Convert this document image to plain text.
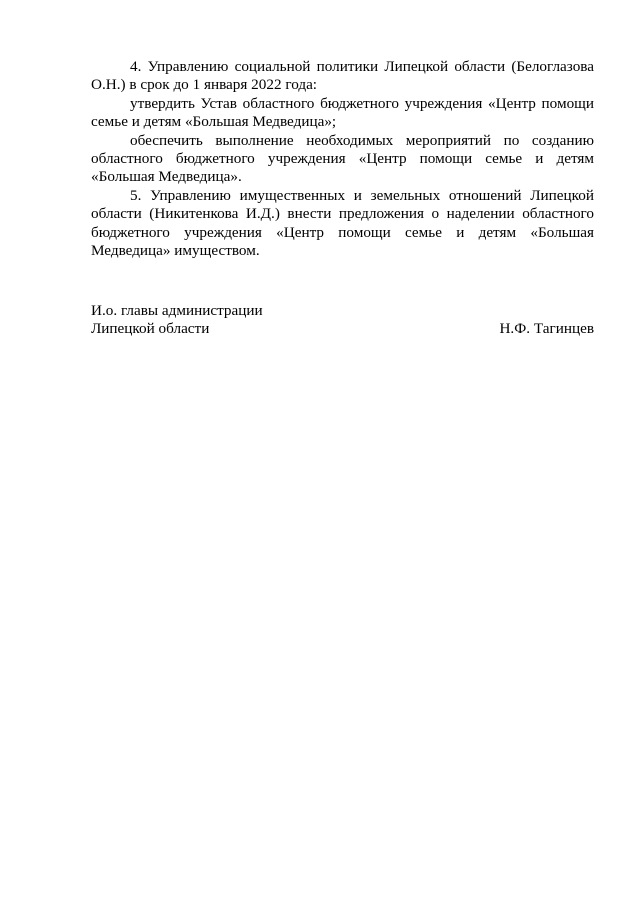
4. Управлению социальной политики Липецкой области (Белоглазова О.Н.) в срок до 1 января 2022 года:

утвердить Устав областного бюджетного учреждения «Центр помощи семье и детям «Большая Медведица»;

обеспечить выполнение необходимых мероприятий по созданию областного бюджетного учреждения «Центр помощи семье и детям «Большая Медведица».

5. Управлению имущественных и земельных отношений Липецкой области (Никитенкова И.Д.) внести предложения о наделении областного бюджетного учреждения «Центр помощи семье и детям «Большая Медведица» имуществом.

И.о. главы администрации
Липецкой области	Н.Ф. Тагинцев
